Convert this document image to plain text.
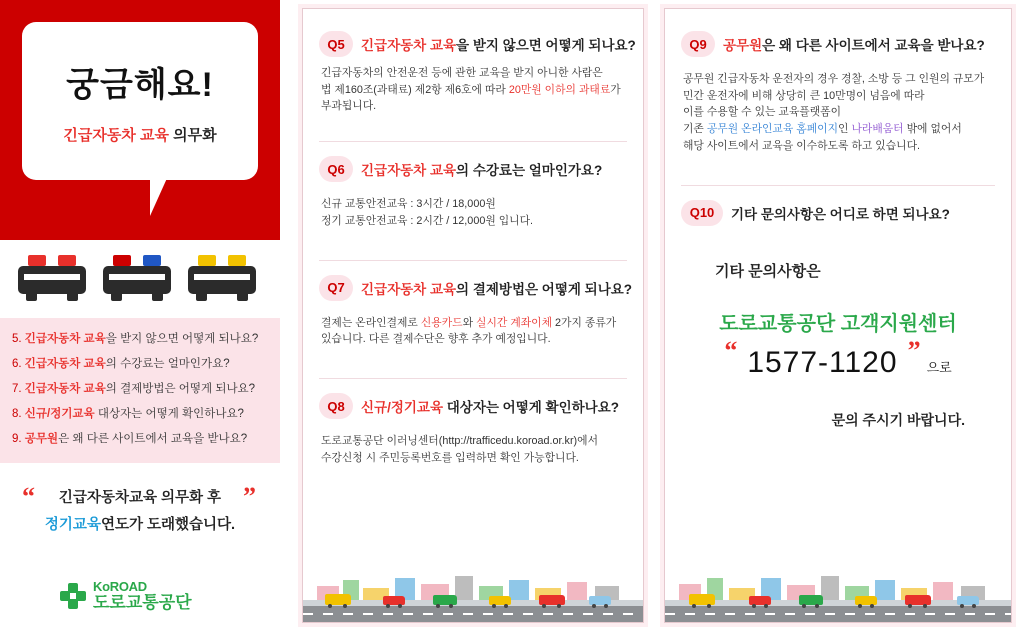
궁금해요!
긴급자동차 교육 의무화
5. 긴급자동차 교육을 받지 않으면 어떻게 되나요?
6. 긴급자동차 교육의 수강료는 얼마인가요?
7. 긴급자동차 교육의 결제방법은 어떻게 되나요?
8. 신규/정기교육 대상자는 어떻게 확인하나요?
9. 공무원은 왜 다른 사이트에서 교육을 받나요?
“	”
긴급자동차교육 의무화 후
정기교육연도가 도래했습니다.
KoROAD
도로교통공단
Q5	긴급자동차 교육을 받지 않으면 어떻게 되나요?
긴급자동차의 안전운전 등에 관한 교육을 받지 아니한 사람은
법 제160조(과태료) 제2항 제6호에 따라 20만원 이하의 과태료가
부과됩니다.
Q6	긴급자동차 교육의 수강료는 얼마인가요?
신규 교통안전교육 : 3시간 / 18,000원
정기 교통안전교육 : 2시간 / 12,000원 입니다.
Q7	긴급자동차 교육의 결제방법은 어떻게 되나요?
결제는 온라인결제로 신용카드와 실시간 계좌이체 2가지 종류가
있습니다. 다른 결제수단은 향후 추가 예정입니다.
Q8	신규/정기교육 대상자는 어떻게 확인하나요?
도로교통공단 이러닝센터(http://trafficedu.koroad.or.kr)에서
수강신청 시 주민등록번호를 입력하면 확인 가능합니다.
Q9	공무원은 왜 다른 사이트에서 교육을 받나요?
공무원 긴급자동차 운전자의 경우 경찰, 소방 등 그 인원의 규모가
민간 운전자에 비해 상당히 큰 10만명이 넘음에 따라
이를 수용할 수 있는 교육플랫폼이
기존 공무원 온라인교육 홈페이지인 나라배움터 밖에 없어서
해당 사이트에서 교육을 이수하도록 하고 있습니다.
Q10	기타 문의사항은 어디로 하면 되나요?
기타 문의사항은
도로교통공단 고객지원센터
“ 1577-1120 ”
으로
문의 주시기 바랍니다.
